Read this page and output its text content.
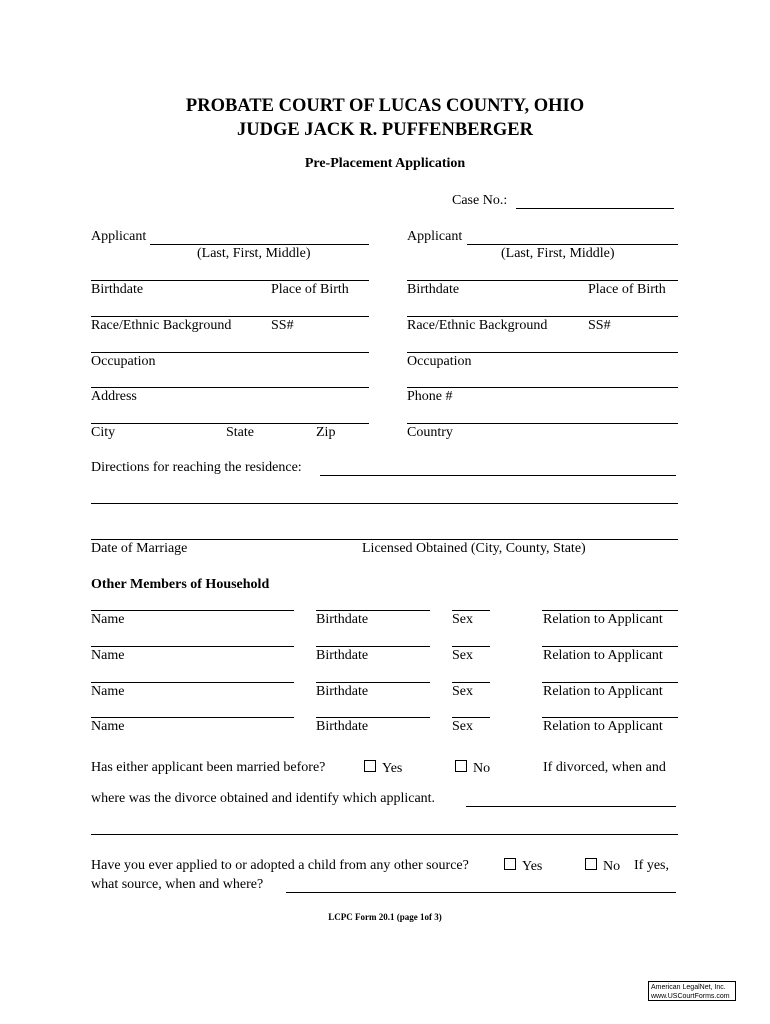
PROBATE COURT OF LUCAS COUNTY, OHIO
JUDGE JACK R. PUFFENBERGER
Pre-Placement Application
Case No.:
Applicant
(Last, First, Middle)
Applicant
(Last, First, Middle)
Birthdate	Place of Birth	Birthdate	Place of Birth
Race/Ethnic Background	SS#	Race/Ethnic Background	SS#
Occupation	Occupation
Address	Phone #
City	State	Zip	Country
Directions for reaching the residence:
Date of Marriage	Licensed Obtained (City, County, State)
Other Members of Household
Name	Birthdate	Sex	Relation to Applicant
Name	Birthdate	Sex	Relation to Applicant
Name	Birthdate	Sex	Relation to Applicant
Name	Birthdate	Sex	Relation to Applicant
Has either applicant been married before?	Yes	No	If divorced, when and
where was the divorce obtained and identify which applicant.
Have you ever applied to or adopted a child from any other source?	Yes	No If yes,
what source, when and where?
LCPC Form 20.1 (page 1of 3)
American LegalNet, Inc.
www.USCourtForms.com
